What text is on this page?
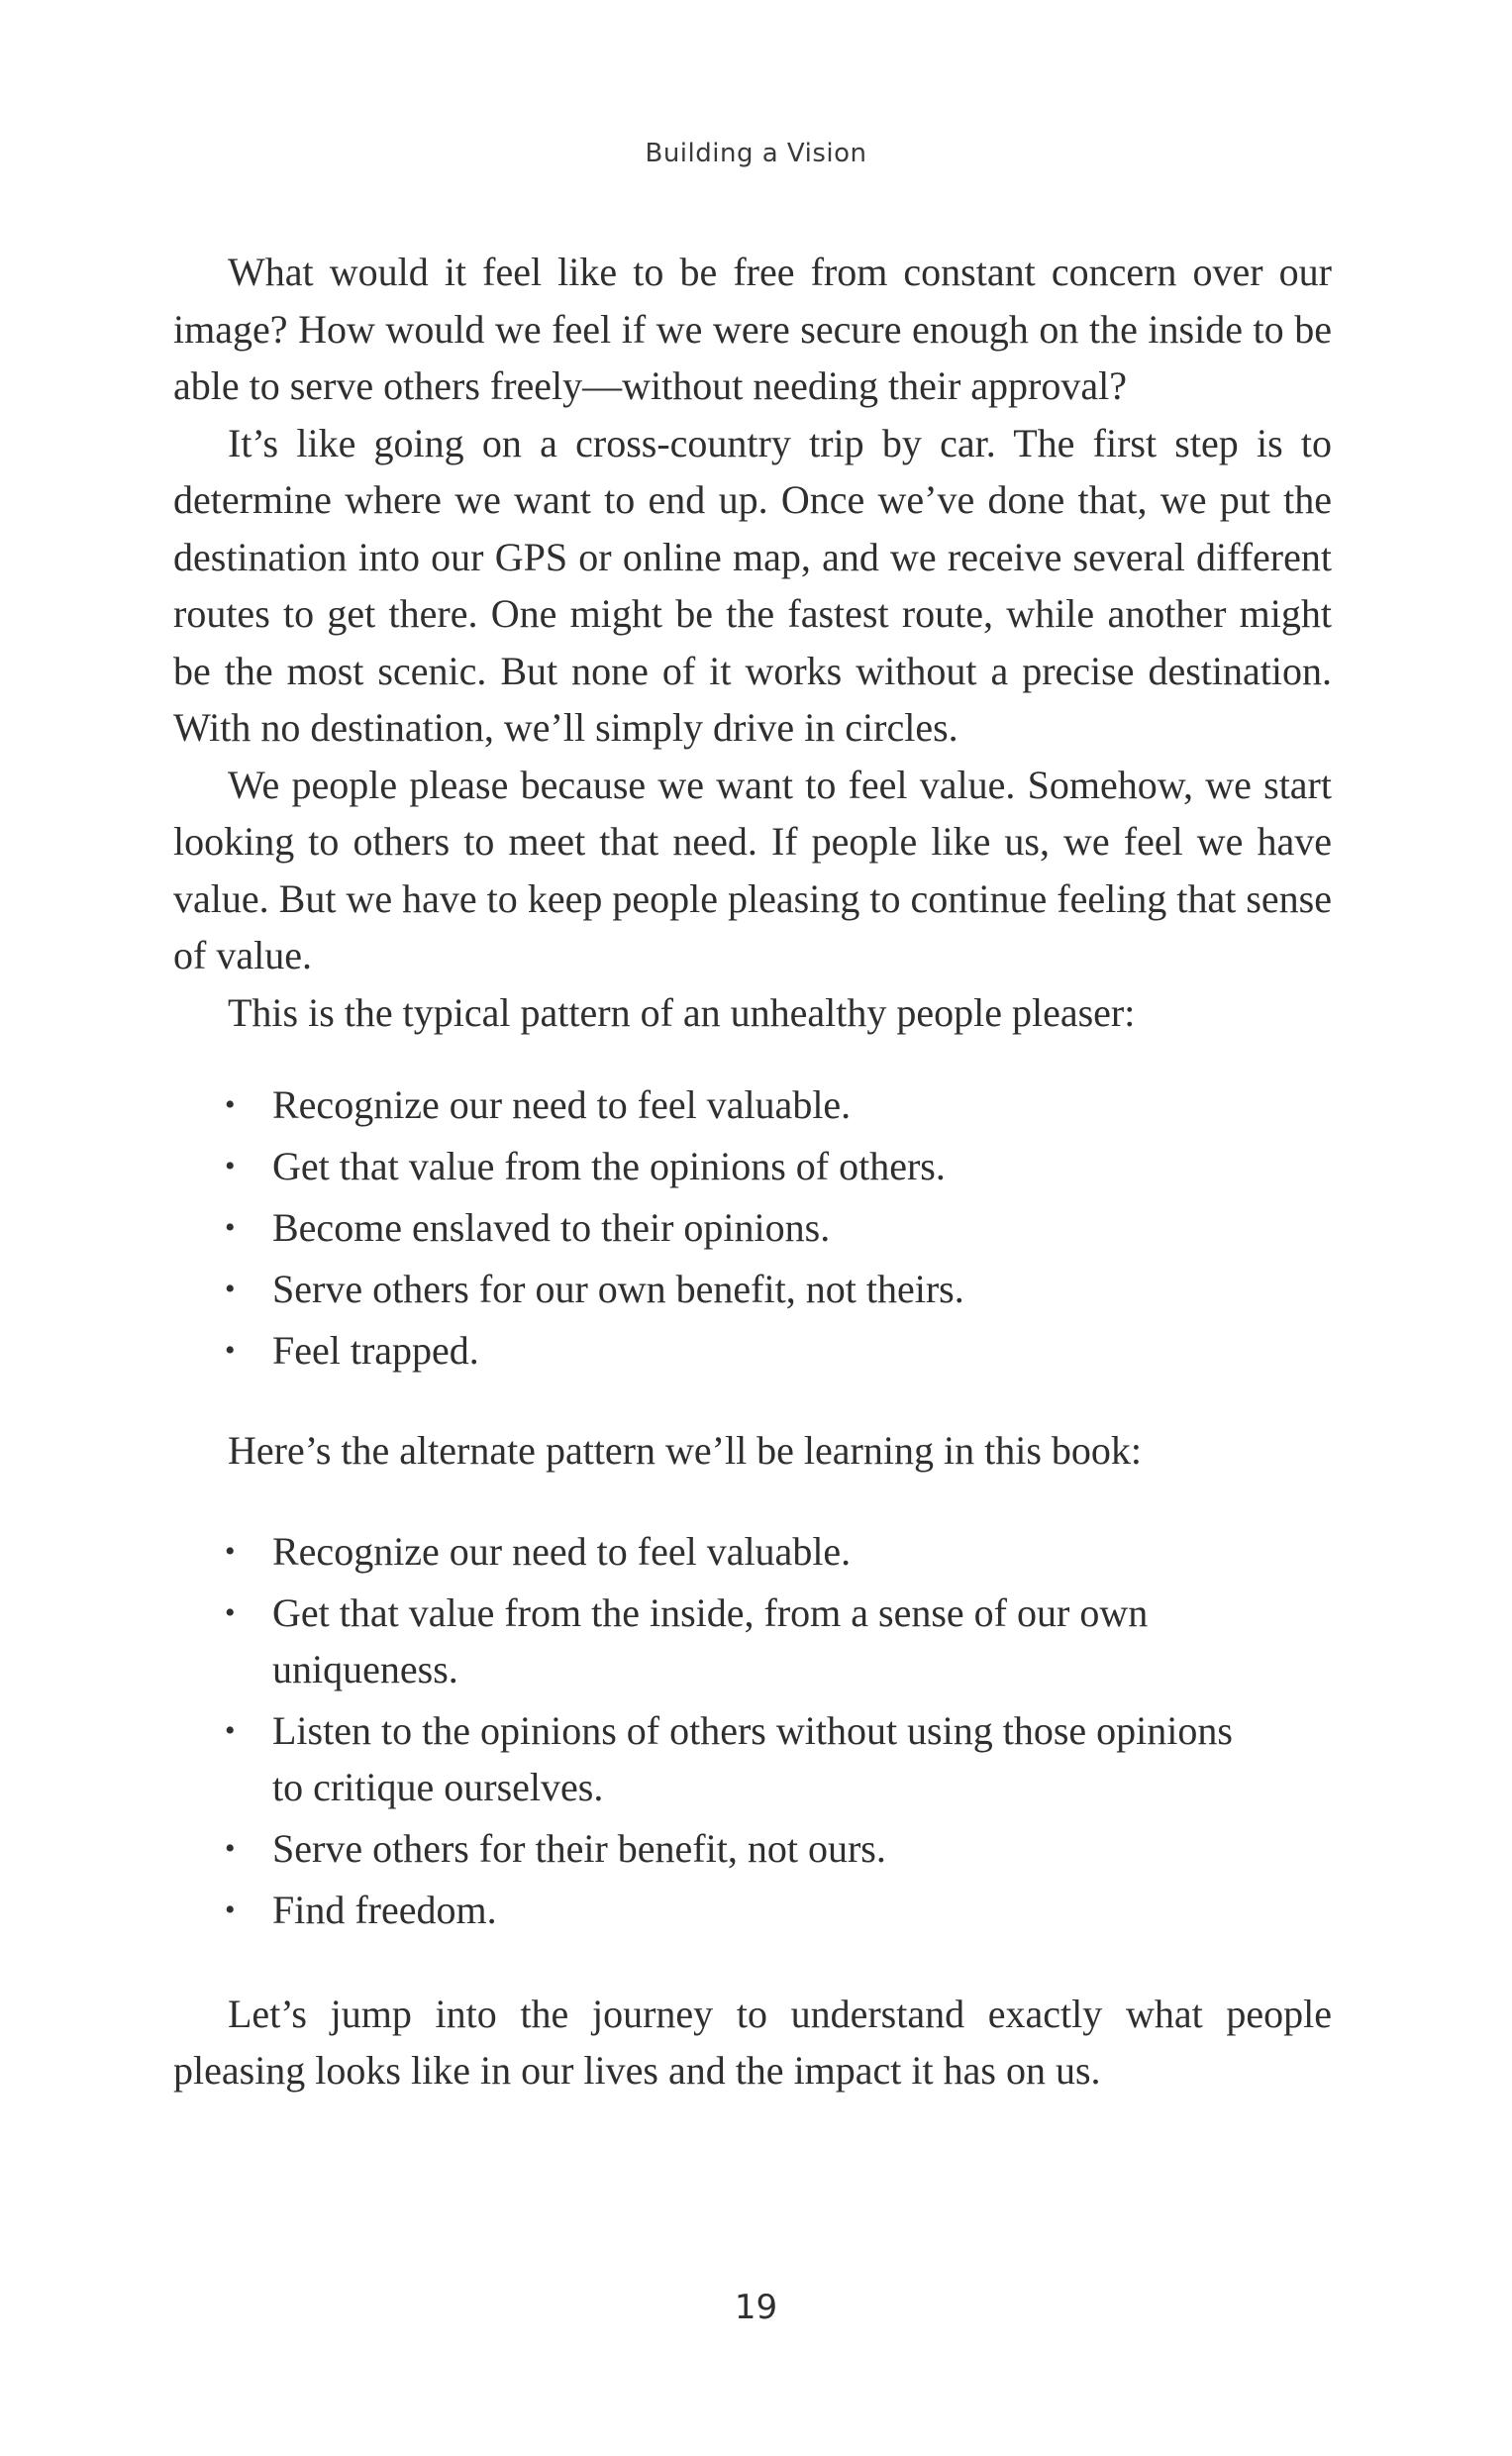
Building a Vision

What would it feel like to be free from constant concern over our image? How would we feel if we were secure enough on the inside to be able to serve others freely—without needing their approval?

It’s like going on a cross-country trip by car. The first step is to determine where we want to end up. Once we’ve done that, we put the destination into our GPS or online map, and we receive several different routes to get there. One might be the fastest route, while another might be the most scenic. But none of it works without a precise destination. With no destination, we’ll simply drive in circles.

We people please because we want to feel value. Somehow, we start looking to others to meet that need. If people like us, we feel we have value. But we have to keep people pleasing to continue feeling that sense of value.

This is the typical pattern of an unhealthy people pleaser:

• Recognize our need to feel valuable.
• Get that value from the opinions of others.
• Become enslaved to their opinions.
• Serve others for our own benefit, not theirs.
• Feel trapped.

Here’s the alternate pattern we’ll be learning in this book:

• Recognize our need to feel valuable.
• Get that value from the inside, from a sense of our own uniqueness.
• Listen to the opinions of others without using those opinions to critique ourselves.
• Serve others for their benefit, not ours.
• Find freedom.

Let’s jump into the journey to understand exactly what people pleasing looks like in our lives and the impact it has on us.

19
